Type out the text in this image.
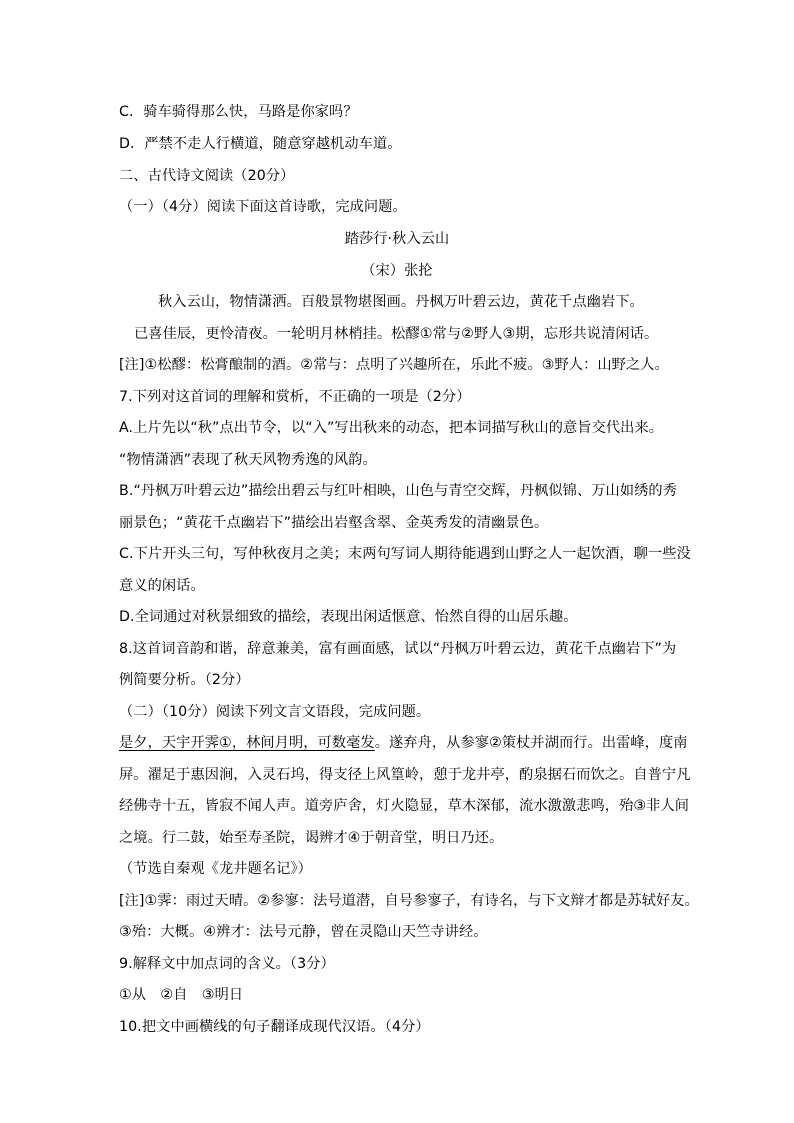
C．骑车骑得那么快，马路是你家吗？
D．严禁不走人行横道，随意穿越机动车道。
二、古代诗文阅读（20分）
（一）（4分）阅读下面这首诗歌，完成问题。
踏莎行·秋入云山
（宋）张抡
秋入云山，物情潇洒。百般景物堪图画。丹枫万叶碧云边，黄花千点幽岩下。
已喜佳辰，更怜清夜。一轮明月林梢挂。松醪①常与②野人③期，忘形共说清闲话。
[注]①松醪：松膏酿制的酒。②常与：点明了兴趣所在，乐此不疲。③野人：山野之人。
7.下列对这首词的理解和赏析，不正确的一项是（2分）
A.上片先以“秋”点出节令，以“入”写出秋来的动态，把本词描写秋山的意旨交代出来。
“物情潇洒”表现了秋天风物秀逸的风韵。
B.“丹枫万叶碧云边”描绘出碧云与红叶相映，山色与青空交辉，丹枫似锦、万山如绣的秀
丽景色；“黄花千点幽岩下”描绘出岩壑含翠、金英秀发的清幽景色。
C.下片开头三句，写仲秋夜月之美；末两句写词人期待能遇到山野之人一起饮酒，聊一些没
意义的闲话。
D.全词通过对秋景细致的描绘，表现出闲适惬意、怡然自得的山居乐趣。
8.这首词音韵和谐，辞意兼美，富有画面感，试以“丹枫万叶碧云边，黄花千点幽岩下”为
例简要分析。（2分）
（二）（10分）阅读下列文言文语段，完成问题。
是夕，天宇开霁①，林间月明，可数毫发。遂弃舟，从参寥②策杖并湖而行。出雷峰，度南
屏。濯足于惠因涧，入灵石坞，得支径上风篁岭，憩于龙井亭，酌泉据石而饮之。自普宁凡
经佛寺十五，皆寂不闻人声。道旁庐舍，灯火隐显，草木深郁，流水激激悲鸣，殆③非人间
之境。行二鼓，始至寿圣院，谒辨才④于朝音堂，明日乃还。
（节选自秦观《龙井题名记》）
[注]①霁：雨过天晴。②参寥：法号道潜，自号参寥子，有诗名，与下文辩才都是苏轼好友。
③殆：大概。④辨才：法号元静，曾在灵隐山天竺寺讲经。
9.解释文中加点词的含义。（3分）
①从　②自　③明日
10.把文中画横线的句子翻译成现代汉语。（4分）
